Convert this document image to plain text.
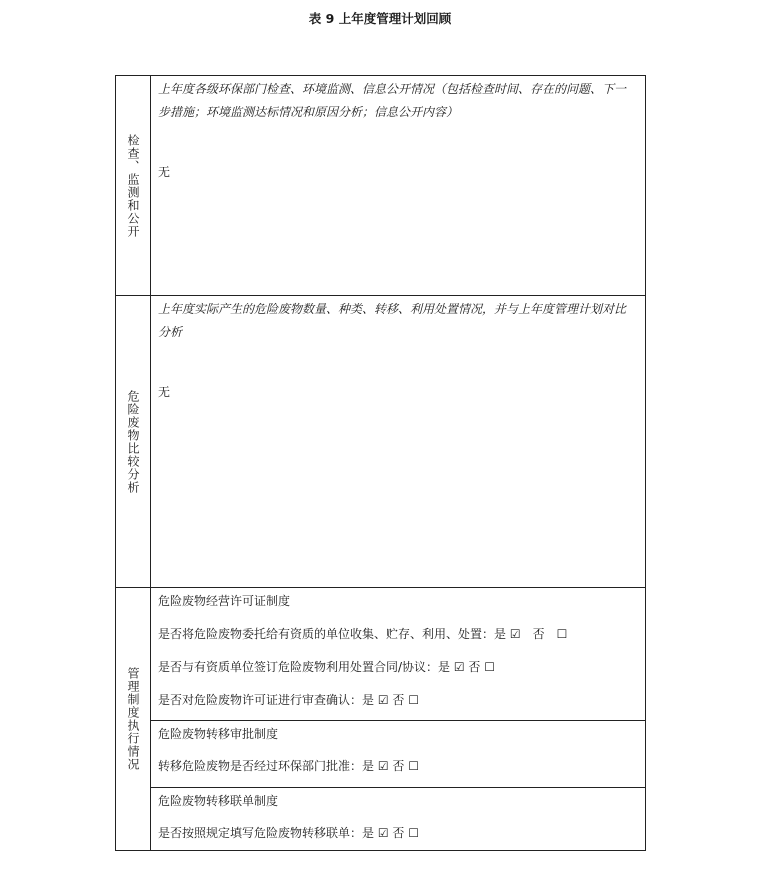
表 9 上年度管理计划回顾
检查、监测和公开
上年度各级环保部门检查、环境监测、信息公开情况（包括检查时间、存在的问题、下一步措施；环境监测达标情况和原因分析；信息公开内容）
无
危险废物比较分析
上年度实际产生的危险废物数量、种类、转移、利用处置情况，并与上年度管理计划对比分析
无
管理制度执行情况
危险废物经营许可证制度
是否将危险废物委托给有资质的单位收集、贮存、利用、处置：是 ☑　否　☐
是否与有资质单位签订危险废物利用处置合同/协议：是 ☑ 否 ☐
是否对危险废物许可证进行审查确认：是 ☑ 否 ☐
危险废物转移审批制度
转移危险废物是否经过环保部门批准：是 ☑ 否 ☐
危险废物转移联单制度
是否按照规定填写危险废物转移联单：是 ☑ 否 ☐
